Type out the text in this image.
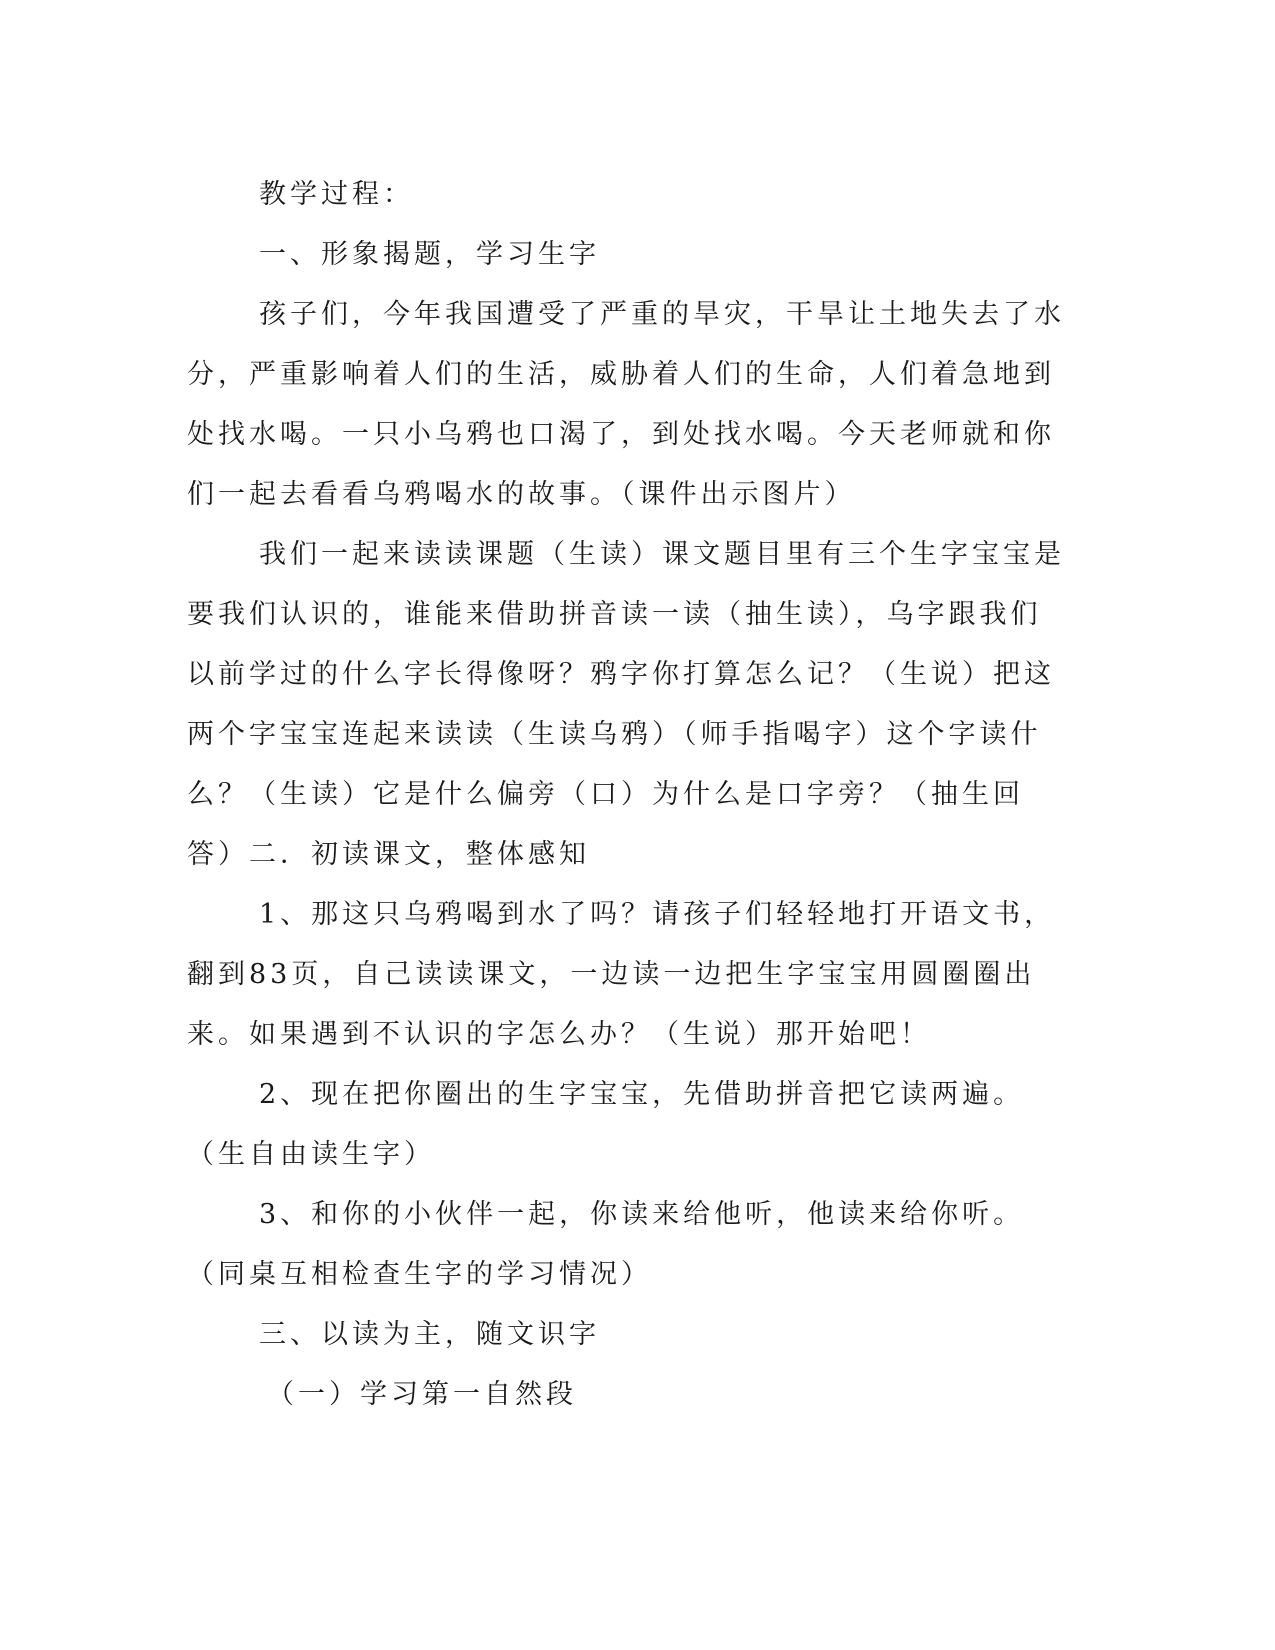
教学过程：

一、形象揭题，学习生字

孩子们，今年我国遭受了严重的旱灾，干旱让土地失去了水分，严重影响着人们的生活，威胁着人们的生命，人们着急地到处找水喝。一只小乌鸦也口渴了，到处找水喝。今天老师就和你们一起去看看乌鸦喝水的故事。（课件出示图片）

我们一起来读读课题（生读）课文题目里有三个生字宝宝是要我们认识的，谁能来借助拼音读一读（抽生读），乌字跟我们以前学过的什么字长得像呀？鸦字你打算怎么记？（生说）把这两个字宝宝连起来读读（生读乌鸦）（师手指喝字）这个字读什么？（生读）它是什么偏旁（口）为什么是口字旁？（抽生回答）二．初读课文，整体感知

1、那这只乌鸦喝到水了吗？请孩子们轻轻地打开语文书，翻到83页，自己读读课文，一边读一边把生字宝宝用圆圈圈出来。如果遇到不认识的字怎么办？（生说）那开始吧！

2、现在把你圈出的生字宝宝，先借助拼音把它读两遍。（生自由读生字）

3、和你的小伙伴一起，你读来给他听，他读来给你听。（同桌互相检查生字的学习情况）

三、以读为主，随文识字

（一）学习第一自然段
